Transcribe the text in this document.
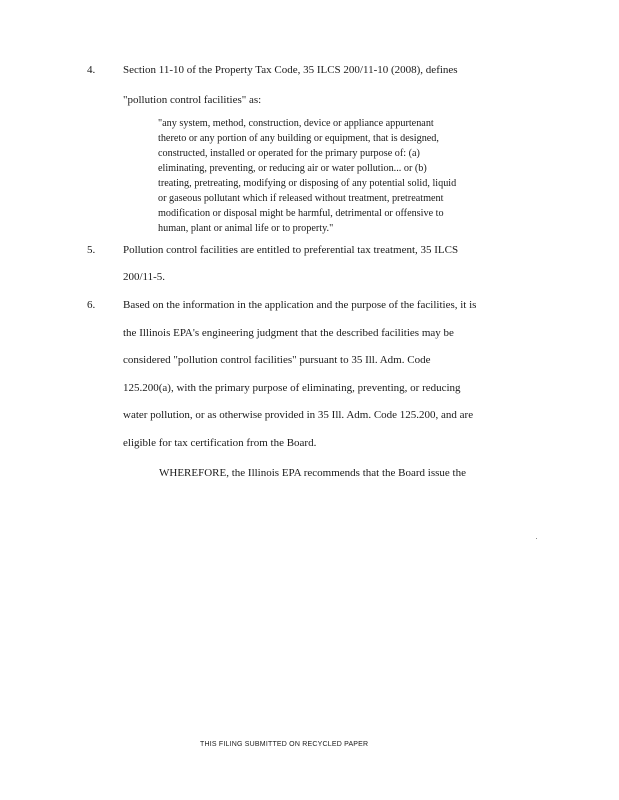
4.	Section 11-10 of the Property Tax Code, 35 ILCS 200/11-10 (2008), defines
"pollution control facilities" as:
"any system, method, construction, device or appliance appurtenant
thereto or any portion of any building or equipment, that is designed,
constructed, installed or operated for the primary purpose of: (a)
eliminating, preventing, or reducing air or water pollution... or (b)
treating, pretreating, modifying or disposing of any potential solid, liquid
or gaseous pollutant which if released without treatment, pretreatment
modification or disposal might be harmful, detrimental or offensive to
human, plant or animal life or to property."
5.	Pollution control facilities are entitled to preferential tax treatment, 35 ILCS
200/11-5.
6.	Based on the information in the application and the purpose of the facilities, it is
the Illinois EPA's engineering judgment that the described facilities may be
considered "pollution control facilities" pursuant to 35 Ill. Adm. Code
125.200(a), with the primary purpose of eliminating, preventing, or reducing
water pollution, or as otherwise provided in 35 Ill. Adm. Code 125.200, and are
eligible for tax certification from the Board.
WHEREFORE, the Illinois EPA recommends that the Board issue the
THIS FILING SUBMITTED ON RECYCLED PAPER
